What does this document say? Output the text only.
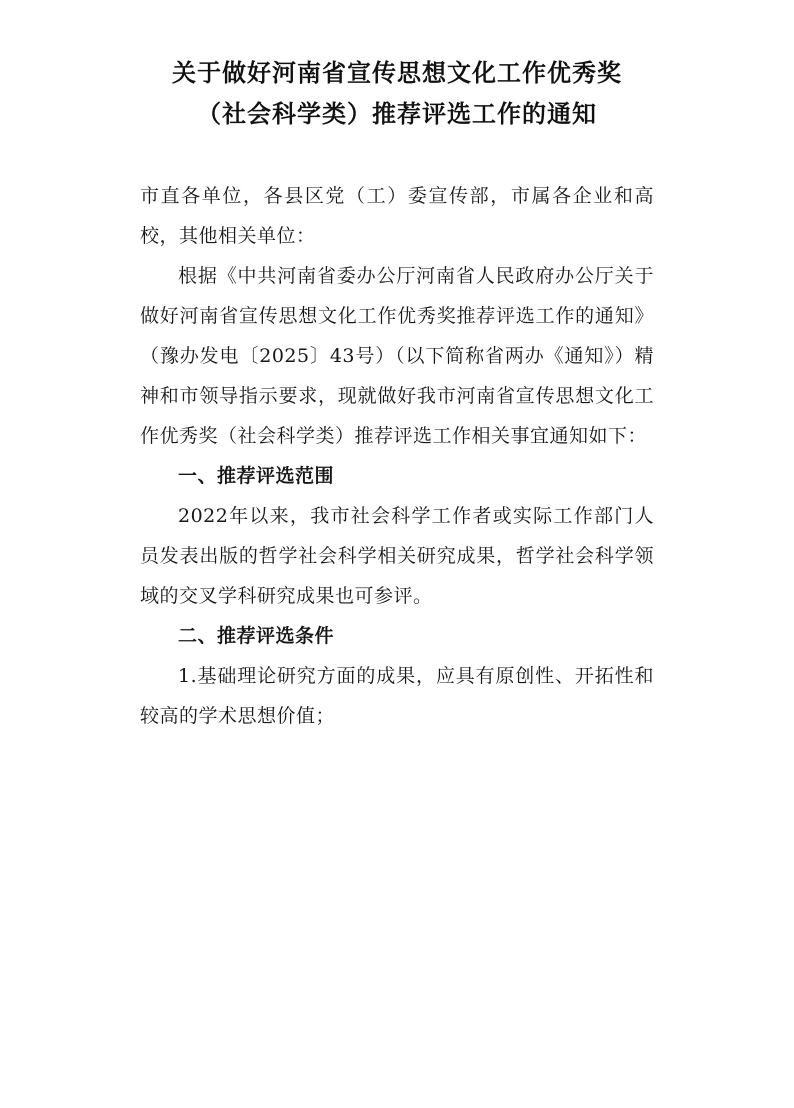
关于做好河南省宣传思想文化工作优秀奖
（社会科学类）推荐评选工作的通知

市直各单位，各县区党（工）委宣传部，市属各企业和高校，其他相关单位：

根据《中共河南省委办公厅河南省人民政府办公厅关于做好河南省宣传思想文化工作优秀奖推荐评选工作的通知》（豫办发电〔2025〕43号）（以下简称省两办《通知》）精神和市领导指示要求，现就做好我市河南省宣传思想文化工作优秀奖（社会科学类）推荐评选工作相关事宜通知如下：

一、推荐评选范围

2022年以来，我市社会科学工作者或实际工作部门人员发表出版的哲学社会科学相关研究成果，哲学社会科学领域的交叉学科研究成果也可参评。

二、推荐评选条件

1.基础理论研究方面的成果，应具有原创性、开拓性和较高的学术思想价值；
